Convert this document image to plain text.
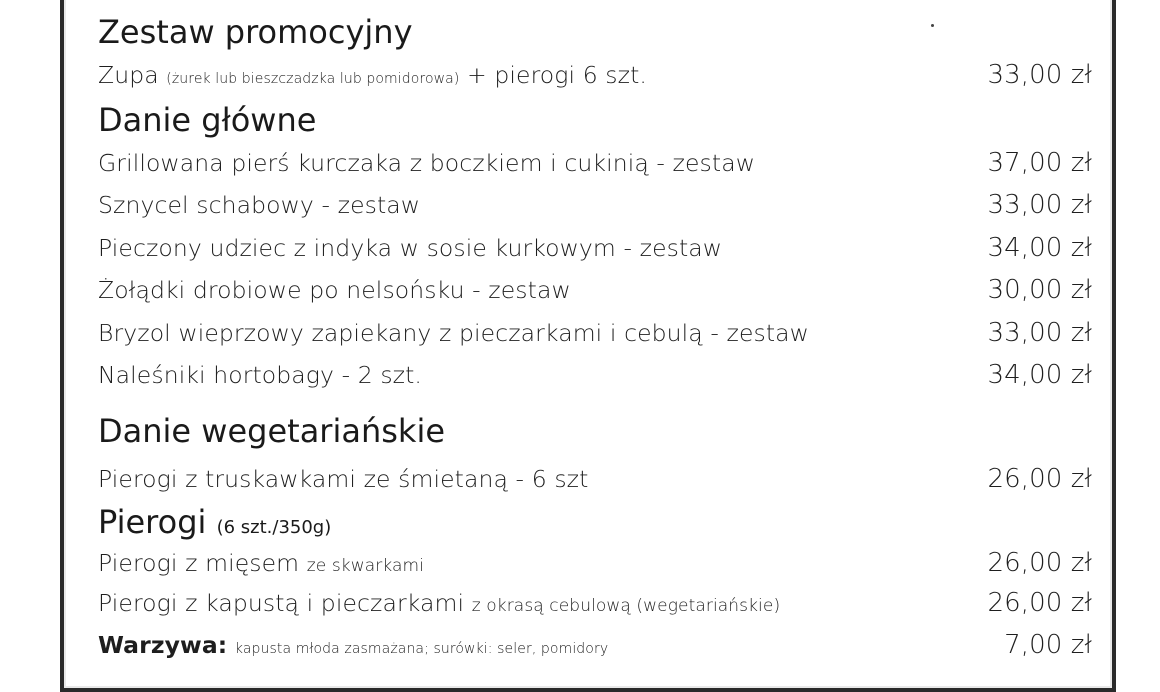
Zestaw promocyjny
Zupa (żurek lub bieszczadzka lub pomidorowa) + pierogi 6 szt.	33,00 zł
Danie główne
Grillowana pierś kurczaka z boczkiem i cukinią - zestaw	37,00 zł
Sznycel schabowy - zestaw	33,00 zł
Pieczony udziec z indyka w sosie kurkowym - zestaw	34,00 zł
Żołądki drobiowe po nelsońsku - zestaw	30,00 zł
Bryzol wieprzowy zapiekany z pieczarkami i cebulą - zestaw	33,00 zł
Naleśniki hortobagy - 2 szt.	34,00 zł
Danie wegetariańskie
Pierogi z truskawkami ze śmietaną - 6 szt	26,00 zł
Pierogi (6 szt./350g)
Pierogi z mięsem ze skwarkami	26,00 zł
Pierogi z kapustą i pieczarkami z okrasą cebulową (wegetariańskie)	26,00 zł
Warzywa: kapusta młoda zasmażana; surówki: seler, pomidory	7,00 zł
